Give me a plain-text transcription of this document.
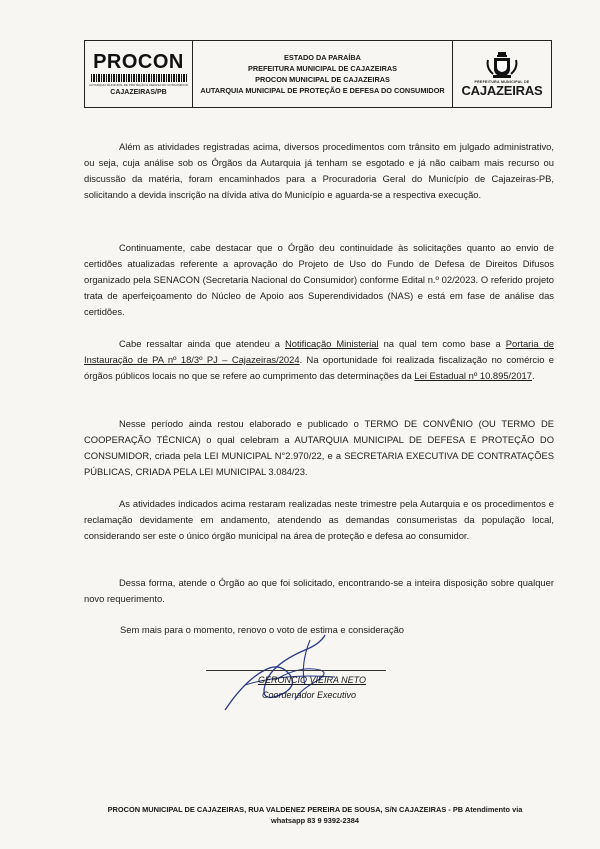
PROCON
AUTARQUIA MUNICIPAL DE PROTEÇÃO E DEFESA DO CONSUMIDOR
CAJAZEIRAS/PB
ESTADO DA PARAÍBA
PREFEITURA MUNICIPAL DE CAJAZEIRAS
PROCON MUNICIPAL DE CAJAZEIRAS
AUTARQUIA MUNICIPAL DE PROTEÇÃO E DEFESA DO CONSUMIDOR
PREFEITURA MUNICIPAL DE
CAJAZEIRAS
Além as atividades registradas acima, diversos procedimentos com trânsito em julgado administrativo, ou seja, cuja análise sob os Órgãos da Autarquia já tenham se esgotado e já não caibam mais recurso ou discussão da matéria, foram encaminhados para a Procuradoria Geral do Município de Cajazeiras-PB, solicitando a devida inscrição na dívida ativa do Município e aguarda-se a respectiva execução.
Continuamente, cabe destacar que o Órgão deu continuidade às solicitações quanto ao envio de certidões atualizadas referente a aprovação do Projeto de Uso do Fundo de Defesa de Direitos Difusos organizado pela SENACON (Secretaria Nacional do Consumidor) conforme Edital n.º 02/2023. O referido projeto trata de aperfeiçoamento do Núcleo de Apoio aos Superendividados (NAS) e está em fase de análise das certidões.
Cabe ressaltar ainda que atendeu a Notificação Ministerial na qual tem como base a Portaria de Instauração de PA nº 18/3º PJ – Cajazeiras/2024. Na oportunidade foi realizada fiscalização no comércio e órgãos públicos locais no que se refere ao cumprimento das determinações da Lei Estadual nº 10.895/2017.
Nesse período ainda restou elaborado e publicado o TERMO DE CONVÊNIO (OU TERMO DE COOPERAÇÃO TÉCNICA) o qual celebram a AUTARQUIA MUNICIPAL DE DEFESA E PROTEÇÃO DO CONSUMIDOR, criada pela LEI MUNICIPAL N°2.970/22, e a SECRETARIA EXECUTIVA DE CONTRATAÇÕES PÚBLICAS, CRIADA PELA LEI MUNICIPAL 3.084/23.
As atividades indicados acima restaram realizadas neste trimestre pela Autarquia e os procedimentos e reclamação devidamente em andamento, atendendo as demandas consumeristas da população local, considerando ser este o único órgão municipal na área de proteção e defesa ao consumidor.
Dessa forma, atende o Órgão ao que foi solicitado, encontrando-se a inteira disposição sobre qualquer novo requerimento.
Sem mais para o momento, renovo o voto de estima e consideração
GERONCIO VIEIRA NETO
Coordenador Executivo
PROCON MUNICIPAL DE CAJAZEIRAS, RUA VALDENEZ PEREIRA DE SOUSA, S/N CAJAZEIRAS - PB Atendimento via
whatsapp 83 9 9392-2384
